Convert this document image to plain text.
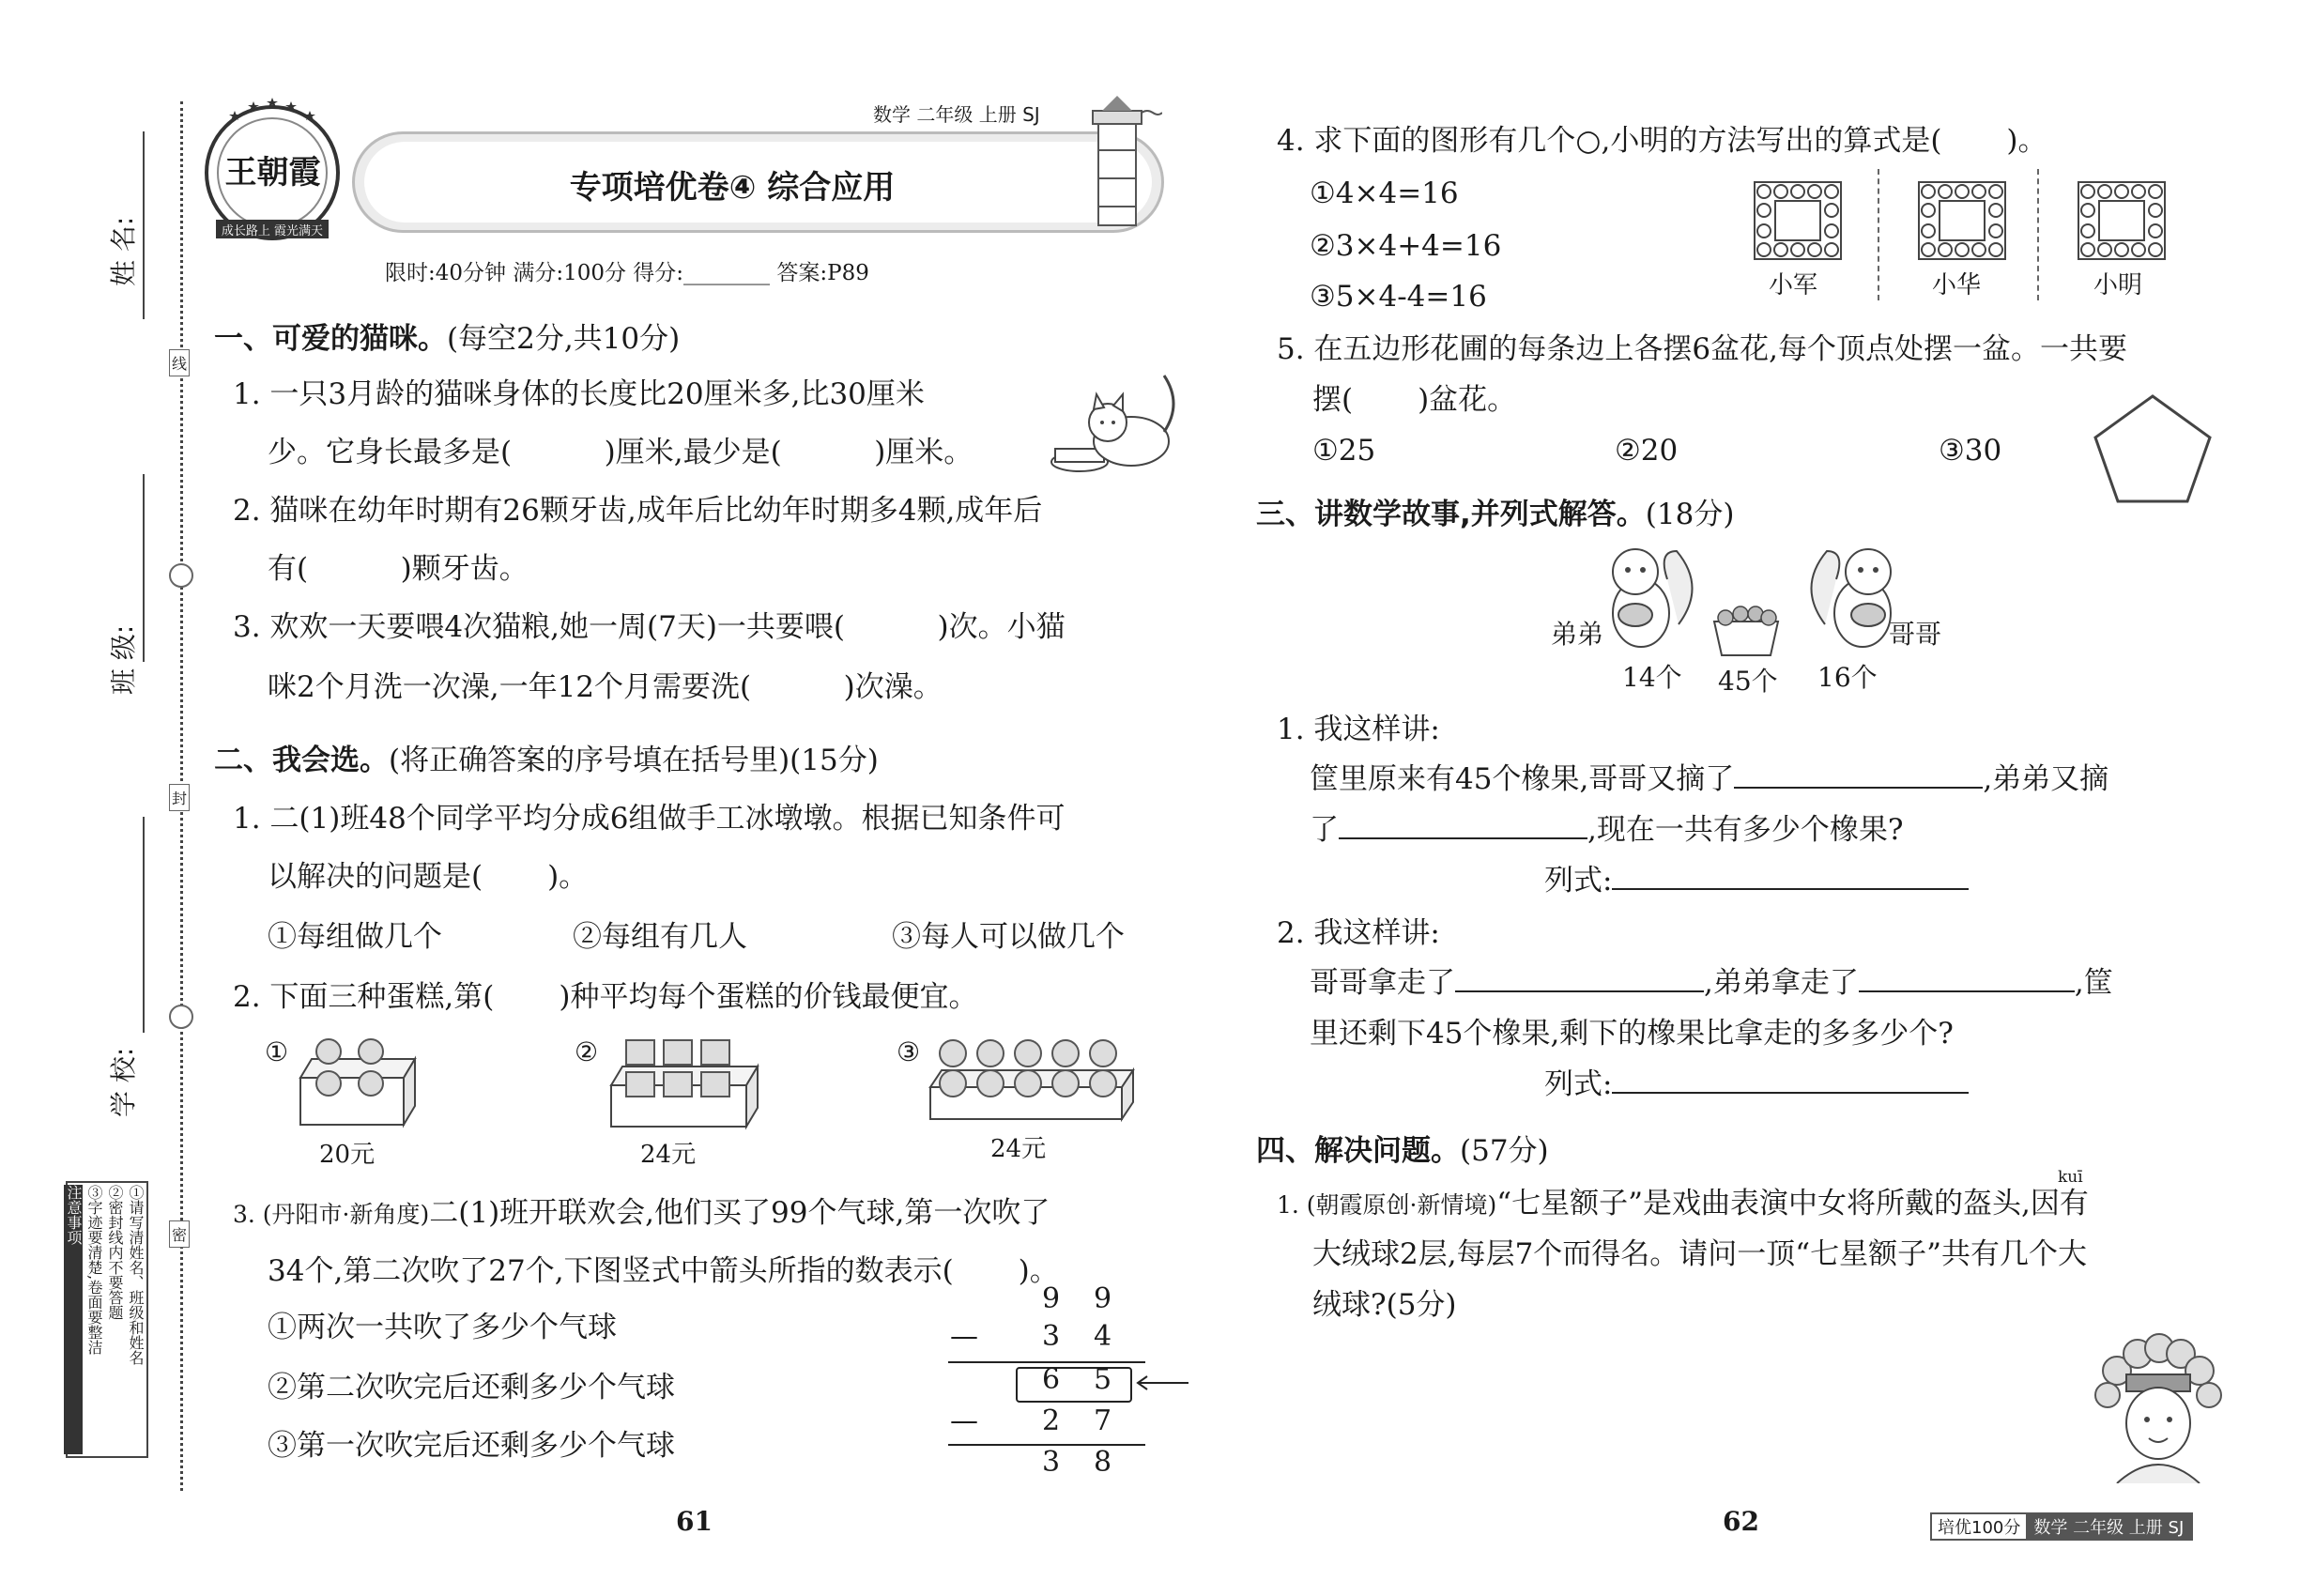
姓 名:
班 级:
学 校:
线
封
密
①请写清姓名、班级和姓名
②密封线内不要答题
③字迹要清楚,卷面要整洁
注意事项
王朝霞
成长路上 霞光满天
数学 二年级 上册 SJ
专项培优卷④ 综合应用
限时:40分钟 满分:100分 得分:________ 答案:P89
一、可爱的猫咪。(每空2分,共10分)
1. 一只3月龄的猫咪身体的长度比20厘米多,比30厘米
少。它身长最多是(          )厘米,最少是(          )厘米。
2. 猫咪在幼年时期有26颗牙齿,成年后比幼年时期多4颗,成年后
有(          )颗牙齿。
3. 欢欢一天要喂4次猫粮,她一周(7天)一共要喂(          )次。小猫
咪2个月洗一次澡,一年12个月需要洗(          )次澡。
二、我会选。(将正确答案的序号填在括号里)(15分)
1. 二(1)班48个同学平均分成6组做手工冰墩墩。根据已知条件可
以解决的问题是(       )。
①每组做几个	②每组有几人	③每人可以做几个
2. 下面三种蛋糕,第(       )种平均每个蛋糕的价钱最便宜。
①
20元
②
24元
③
24元
3. (丹阳市·新角度)二(1)班开联欢会,他们买了99个气球,第一次吹了
34个,第二次吹了27个,下图竖式中箭头所指的数表示(       )。
①两次一共吹了多少个气球
②第二次吹完后还剩多少个气球
③第一次吹完后还剩多少个气球
9 9
— 3 4
6 5
— 2 7
3 8
61
4. 求下面的图形有几个○,小明的方法写出的算式是(       )。
①4×4=16
②3×4+4=16
③5×4-4=16	小军	小华	小明
5. 在五边形花圃的每条边上各摆6盆花,每个顶点处摆一盆。一共要
摆(       )盆花。
①25	②20	③30
三、讲数学故事,并列式解答。(18分)
弟弟	哥哥
14个 45个 16个
1. 我这样讲:
筐里原来有45个橡果,哥哥又摘了	,弟弟又摘
了	,现在一共有多少个橡果?
列式:
2. 我这样讲:
哥哥拿走了	,弟弟拿走了	,筐
里还剩下45个橡果,剩下的橡果比拿走的多多少个?
列式:
四、解决问题。(57分)
kuī
1. (朝霞原创·新情境)“七星额子”是戏曲表演中女将所戴的盔头,因有
大绒球2层,每层7个而得名。请问一顶“七星额子”共有几个大
绒球?(5分)
62	培优100分 数学 二年级 上册 SJ
